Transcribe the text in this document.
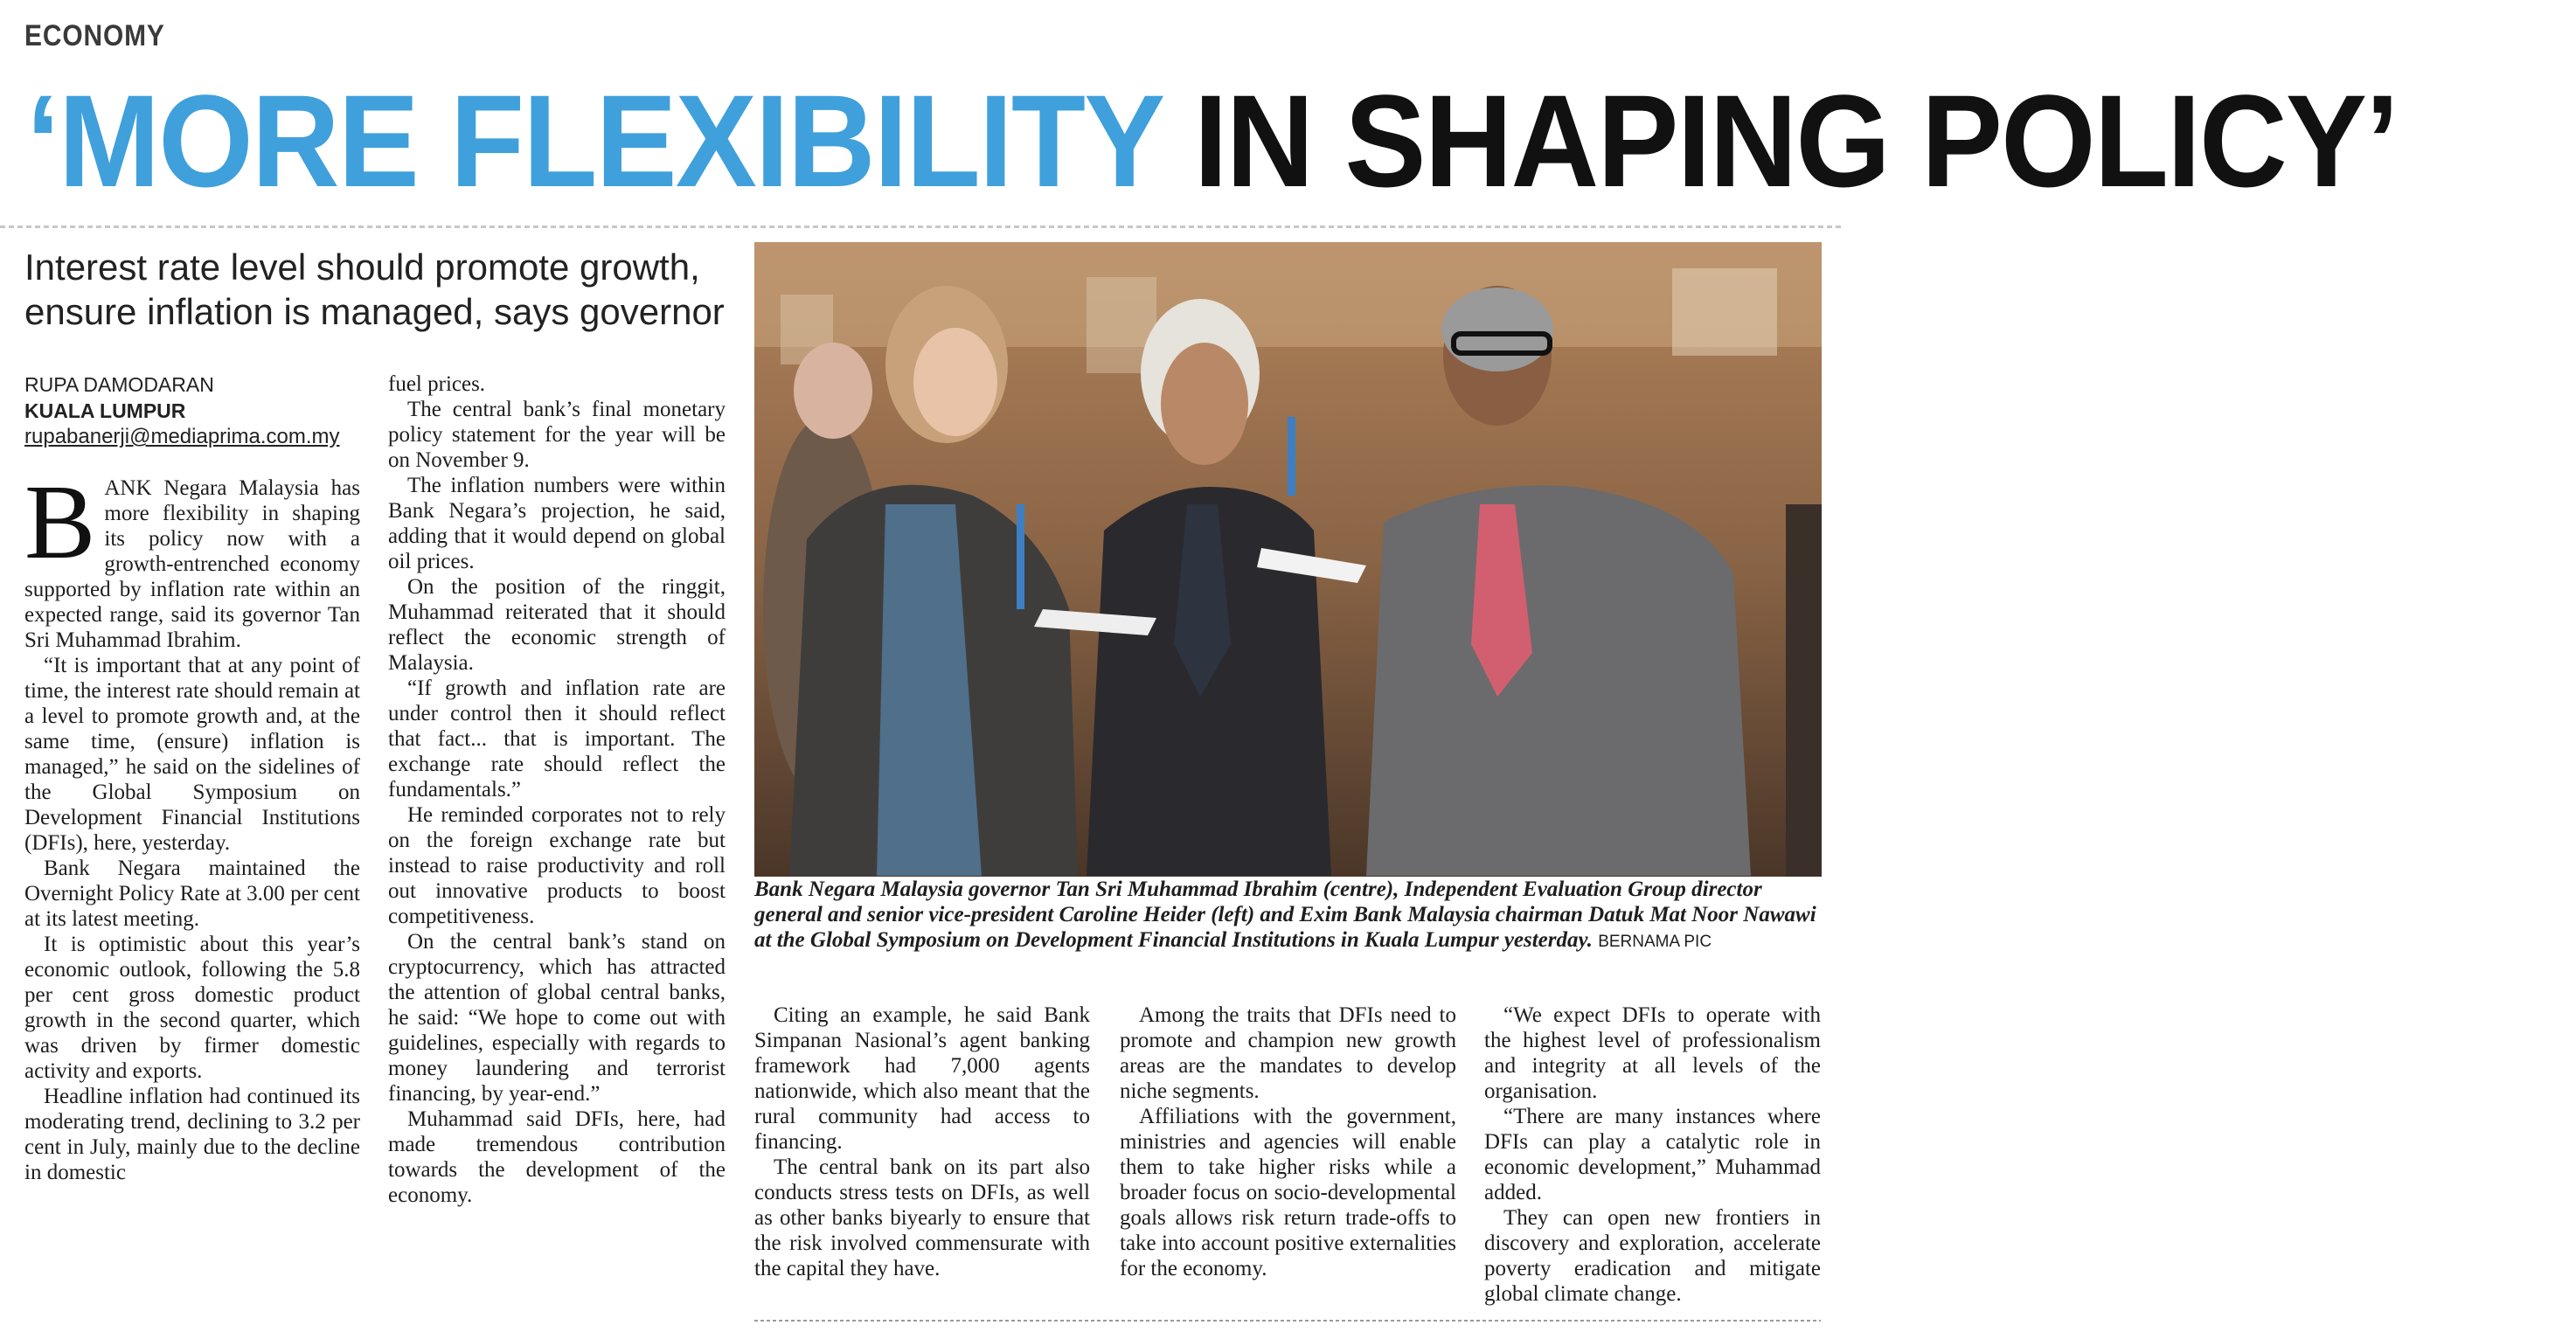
ECONOMY
‘MORE FLEXIBILITY IN SHAPING POLICY’
Interest rate level should promote growth, ensure inflation is managed, says governor
RUPA DAMODARAN
KUALA LUMPUR
rupabanerji@mediaprima.com.my

BANK Negara Malaysia has more flexibility in shaping its policy now with a growth-entrenched economy supported by inflation rate within an expected range, said its governor Tan Sri Muhammad Ibrahim.

“It is important that at any point of time, the interest rate should remain at a level to promote growth and, at the same time, (ensure) inflation is managed,” he said on the sidelines of the Global Symposium on Development Financial Institutions (DFIs), here, yesterday.

Bank Negara maintained the Overnight Policy Rate at 3.00 per cent at its latest meeting.

It is optimistic about this year’s economic outlook, following the 5.8 per cent gross domestic product growth in the second quarter, which was driven by firmer domestic activity and exports.

Headline inflation had continued its moderating trend, declining to 3.2 per cent in July, mainly due to the decline in domestic

fuel prices.

The central bank’s final monetary policy statement for the year will be on November 9.

The inflation numbers were within Bank Negara’s projection, he said, adding that it would depend on global oil prices.

On the position of the ringgit, Muhammad reiterated that it should reflect the economic strength of Malaysia.

“If growth and inflation rate are under control then it should reflect that fact... that is important. The exchange rate should reflect the fundamentals.”

He reminded corporates not to rely on the foreign exchange rate but instead to raise productivity and roll out innovative products to boost competitiveness.

On the central bank’s stand on cryptocurrency, which has attracted the attention of global central banks, he said: “We hope to come out with guidelines, especially with regards to money laundering and terrorist financing, by year-end.”

Muhammad said DFIs, here, had made tremendous contribution towards the development of the economy.

Bank Negara Malaysia governor Tan Sri Muhammad Ibrahim (centre), Independent Evaluation Group director general and senior vice-president Caroline Heider (left) and Exim Bank Malaysia chairman Datuk Mat Noor Nawawi at the Global Symposium on Development Financial Institutions in Kuala Lumpur yesterday. BERNAMA PIC

Citing an example, he said Bank Simpanan Nasional’s agent banking framework had 7,000 agents nationwide, which also meant that the rural community had access to financing.

The central bank on its part also conducts stress tests on DFIs, as well as other banks biyearly to ensure that the risk involved commensurate with the capital they have.

Among the traits that DFIs need to promote and champion new growth areas are the mandates to develop niche segments.

Affiliations with the government, ministries and agencies will enable them to take higher risks while a broader focus on socio-developmental goals allows risk return trade-offs to take into account positive externalities for the economy.

“We expect DFIs to operate with the highest level of professionalism and integrity at all levels of the organisation.

“There are many instances where DFIs can play a catalytic role in economic development,” Muhammad added.

They can open new frontiers in discovery and exploration, accelerate poverty eradication and mitigate global climate change.
